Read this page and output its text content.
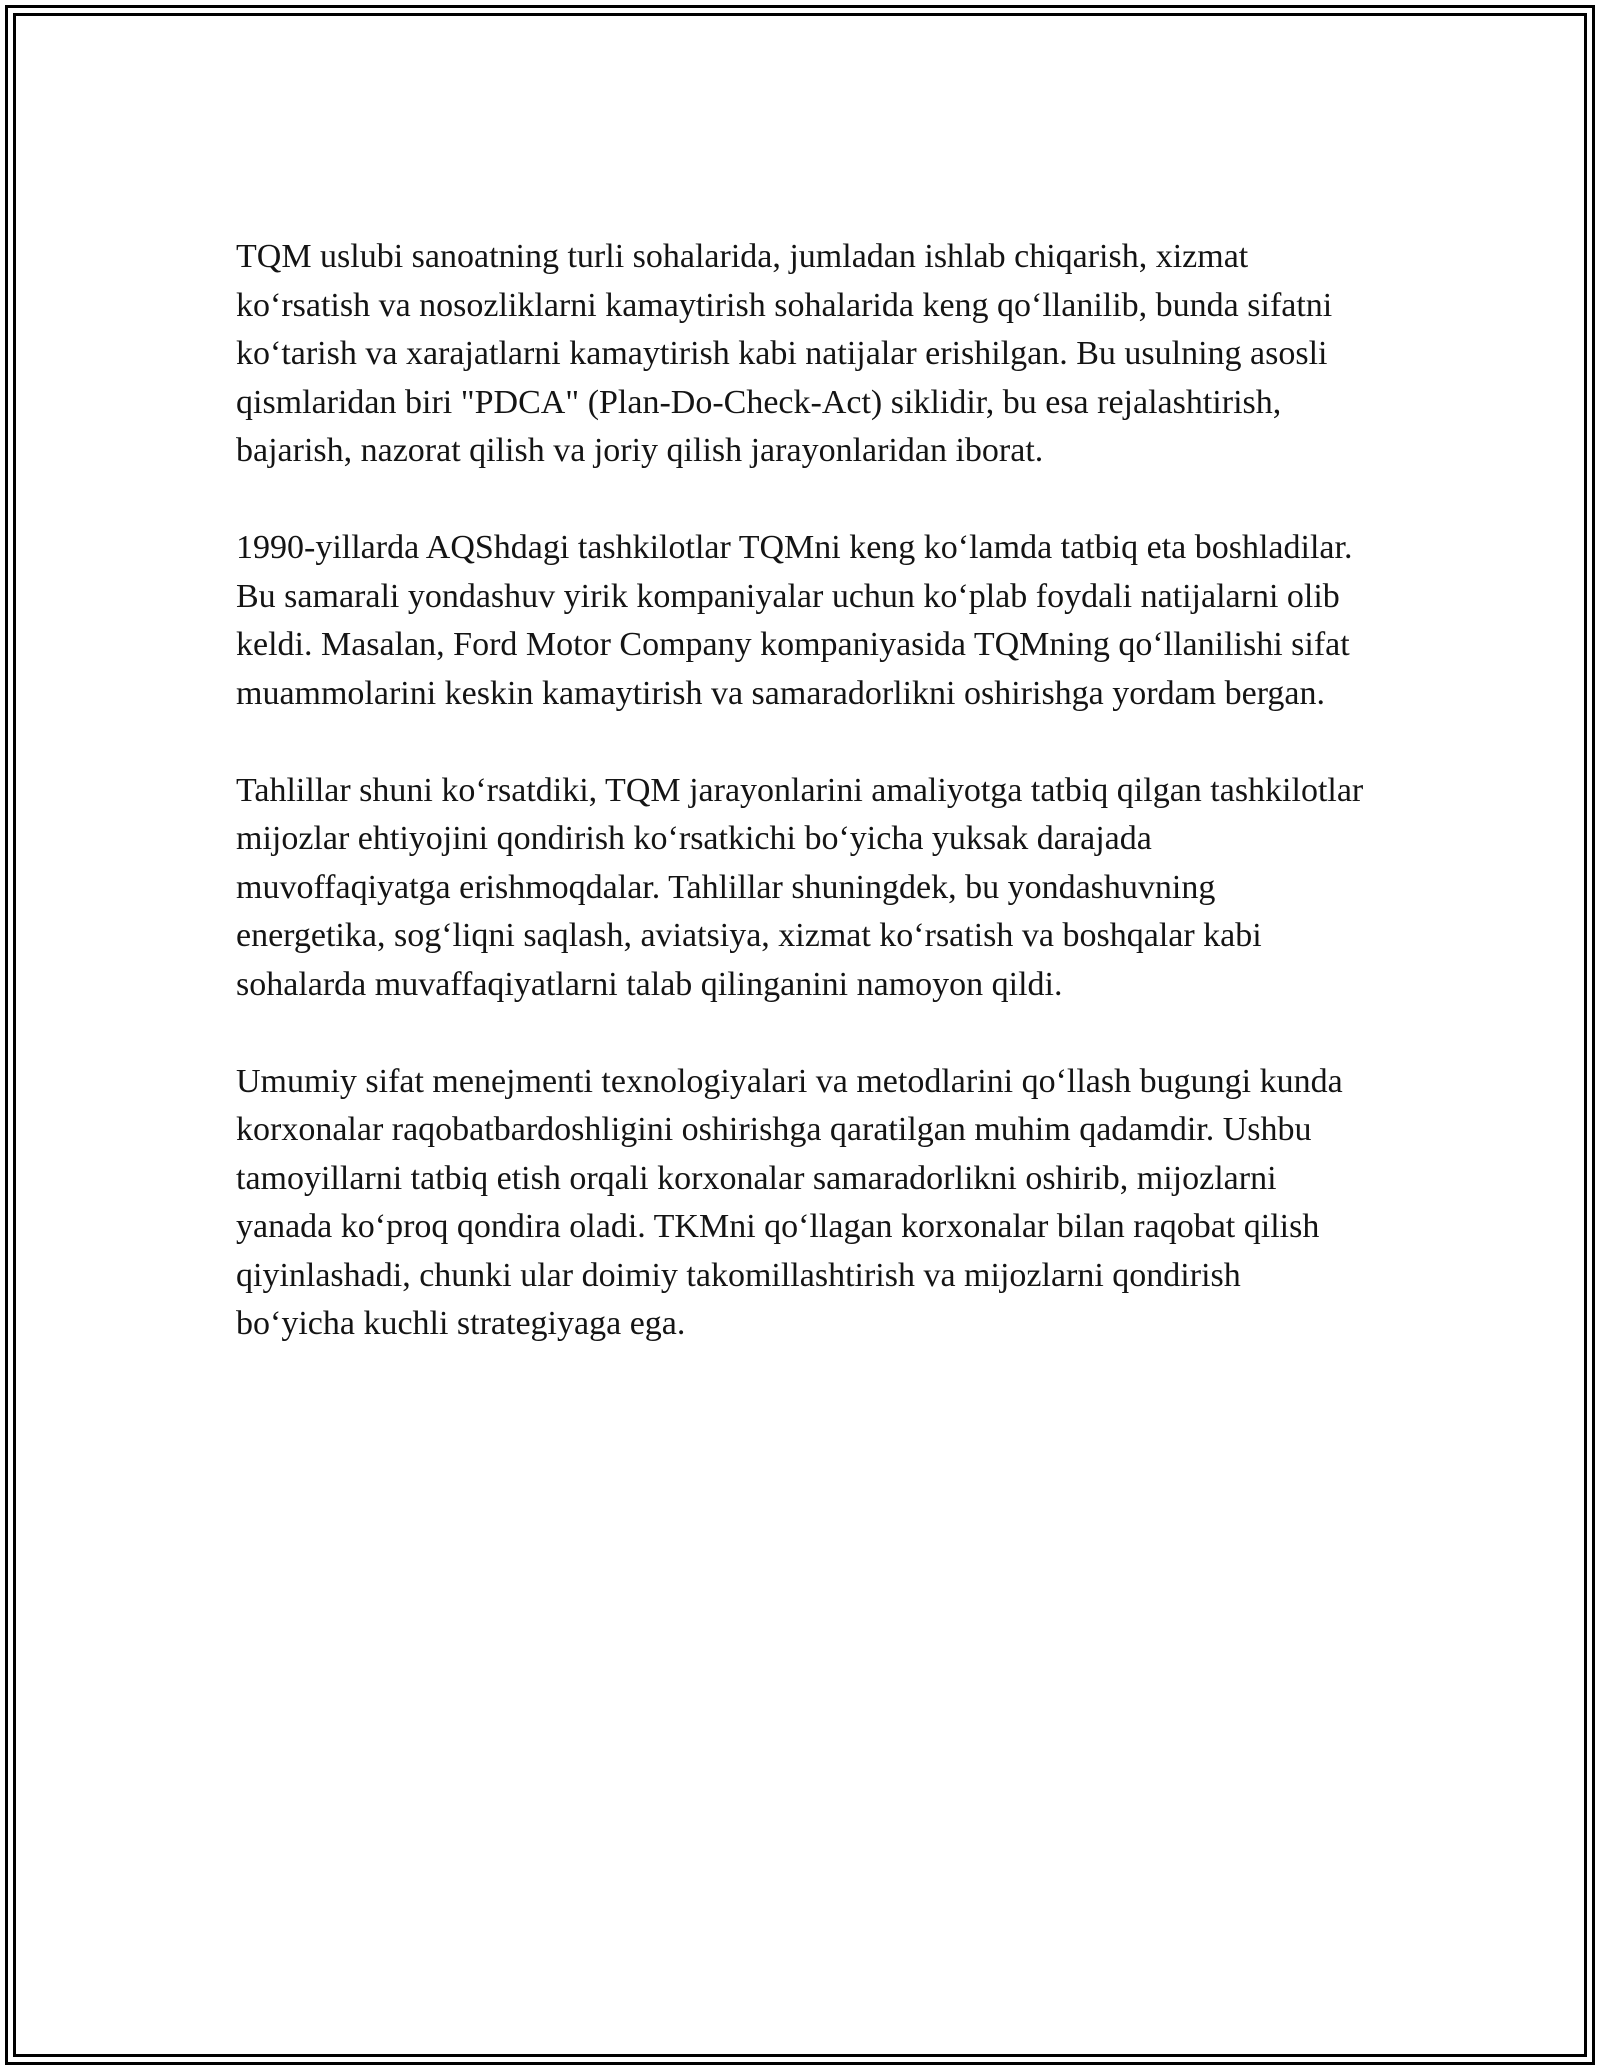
TQM uslubi sanoatning turli sohalarida, jumladan ishlab chiqarish, xizmat ko‘rsatish va nosozliklarni kamaytirish sohalarida keng qo‘llanilib, bunda sifatni ko‘tarish va xarajatlarni kamaytirish kabi natijalar erishilgan. Bu usulning asosli qismlaridan biri "PDCA" (Plan-Do-Check-Act) siklidir, bu esa rejalashtirish, bajarish, nazorat qilish va joriy qilish jarayonlaridan iborat.

1990-yillarda AQShdagi tashkilotlar TQMni keng ko‘lamda tatbiq eta boshladilar. Bu samarali yondashuv yirik kompaniyalar uchun ko‘plab foydali natijalarni olib keldi. Masalan, Ford Motor Company kompaniyasida TQMning qo‘llanilishi sifat muammolarini keskin kamaytirish va samaradorlikni oshirishga yordam bergan.

Tahlillar shuni ko‘rsatdiki, TQM jarayonlarini amaliyotga tatbiq qilgan tashkilotlar mijozlar ehtiyojini qondirish ko‘rsatkichi bo‘yicha yuksak darajada muvoffaqiyatga erishmoqdalar. Tahlillar shuningdek, bu yondashuvning energetika, sog‘liqni saqlash, aviatsiya, xizmat ko‘rsatish va boshqalar kabi sohalarda muvaffaqiyatlarni talab qilinganini namoyon qildi.

Umumiy sifat menejmenti texnologiyalari va metodlarini qo‘llash bugungi kunda korxonalar raqobatbardoshligini oshirishga qaratilgan muhim qadamdir. Ushbu tamoyillarni tatbiq etish orqali korxonalar samaradorlikni oshirib, mijozlarni yanada ko‘proq qondira oladi. TKMni qo‘llagan korxonalar bilan raqobat qilish qiyinlashadi, chunki ular doimiy takomillashtirish va mijozlarni qondirish bo‘yicha kuchli strategiyaga ega.
